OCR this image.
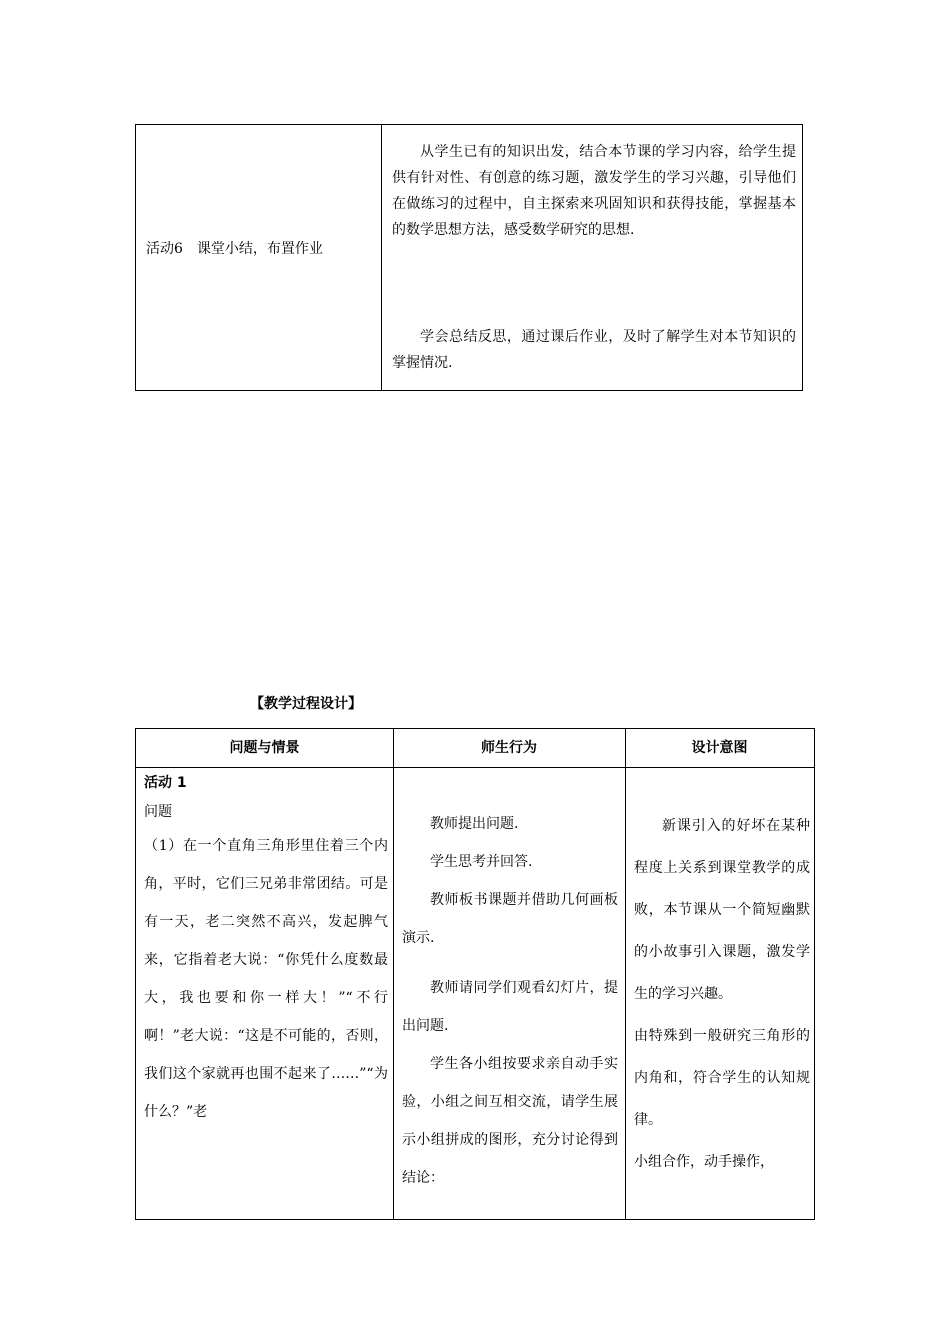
活动6　课堂小结，布置作业
从学生已有的知识出发，结合本节课的学习内容，给学生提供有针对性、有创意的练习题，激发学生的学习兴趣，引导他们在做练习的过程中，自主探索来巩固知识和获得技能，掌握基本的数学思想方法，感受数学研究的思想.
学会总结反思，通过课后作业，及时了解学生对本节知识的掌握情况.
【教学过程设计】
问题与情景	师生行为	设计意图
活动 1
问题
（1）在一个直角三角形里住着三个内角，平时，它们三兄弟非常团结。可是有一天，老二突然不高兴，发起脾气来，它指着老大说：“你凭什么度数最大，我也要和你一样大！”“不行啊！”老大说：“这是不可能的，否则，我们这个家就再也围不起来了……”“为什么？”老

教师提出问题.

学生思考并回答.

教师板书课题并借助几何画板演示.

教师请同学们观看幻灯片，提出问题.

学生各小组按要求亲自动手实验，小组之间互相交流，请学生展示小组拼成的图形，充分讨论得到结论：

新课引入的好坏在某种程度上关系到课堂教学的成败，本节课从一个简短幽默的小故事引入课题，激发学生的学习兴趣。

由特殊到一般研究三角形的内角和，符合学生的认知规律。

小组合作，动手操作，
